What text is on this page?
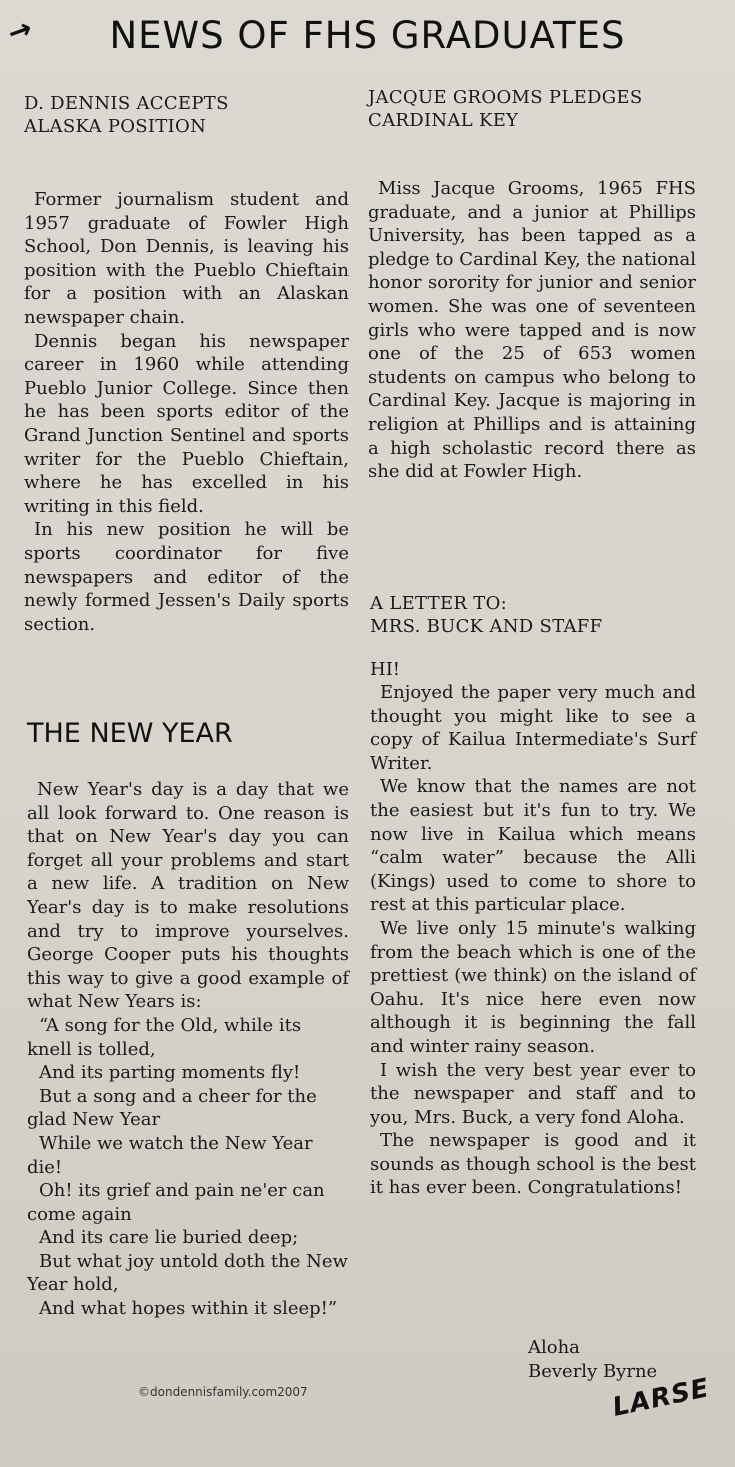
→	NEWS OF FHS GRADUATES
D. DENNIS ACCEPTS
ALASKA POSITION

Former journalism student and 1957 graduate of Fowler High School, Don Dennis, is leaving his position with the Pueblo Chieftain for a position with an Alaskan newspaper chain.

Dennis began his newspaper career in 1960 while attending Pueblo Junior College. Since then he has been sports editor of the Grand Junction Sentinel and sports writer for the Pueblo Chieftain, where he has excelled in his writing in this field.

In his new position he will be sports coordinator for five newspapers and editor of the newly formed Jessen's Daily sports section.

JACQUE GROOMS PLEDGES
CARDINAL KEY

Miss Jacque Grooms, 1965 FHS graduate, and a junior at Phillips University, has been tapped as a pledge to Cardinal Key, the national honor sorority for junior and senior women. She was one of seventeen girls who were tapped and is now one of the 25 of 653 women students on campus who belong to Cardinal Key. Jacque is majoring in religion at Phillips and is attaining a high scholastic record there as she did at Fowler High.

THE NEW YEAR

New Year's day is a day that we all look forward to. One reason is that on New Year's day you can forget all your problems and start a new life. A tradition on New Year's day is to make resolutions and try to improve yourselves. George Cooper puts his thoughts this way to give a good example of what New Years is:

“A song for the Old, while its knell is tolled,

And its parting moments fly!

But a song and a cheer for the glad New Year

While we watch the New Year die!

Oh! its grief and pain ne'er can come again

And its care lie buried deep;

But what joy untold doth the New Year hold,

And what hopes within it sleep!”

A LETTER TO:
MRS. BUCK AND STAFF

HI!

Enjoyed the paper very much and thought you might like to see a copy of Kailua Intermediate's Surf Writer.

We know that the names are not the easiest but it's fun to try. We now live in Kailua which means “calm water” because the Alli (Kings) used to come to shore to rest at this particular place.

We live only 15 minute's walking from the beach which is one of the prettiest (we think) on the island of Oahu. It's nice here even now although it is beginning the fall and winter rainy season.

I wish the very best year ever to the newspaper and staff and to you, Mrs. Buck, a very fond Aloha.

The newspaper is good and it sounds as though school is the best it has ever been. Congratulations!

Aloha
Beverly Byrne
©dondennisfamily.com2007	LARSE
